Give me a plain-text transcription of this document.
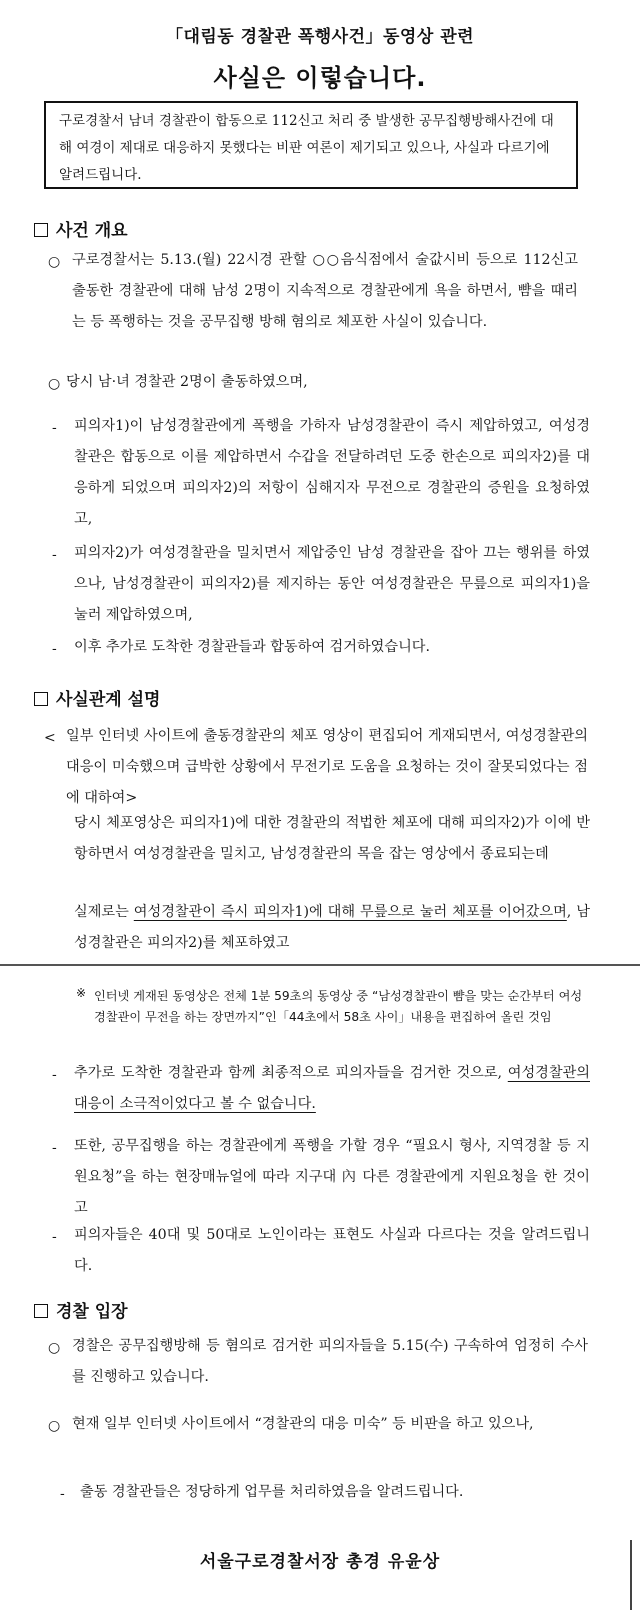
「대림동 경찰관 폭행사건」동영상 관련
사실은 이렇습니다.
구로경찰서 남녀 경찰관이 합동으로 112신고 처리 중 발생한 공무집행방해사건에 대해 여경이 제대로 대응하지 못했다는 비판 여론이 제기되고 있으나, 사실과 다르기에 알려드립니다.
사건 개요
○ 구로경찰서는 5.13.(월) 22시경 관할 ○○음식점에서 술값시비 등으로 112신고 출동한 경찰관에 대해 남성 2명이 지속적으로 경찰관에게 욕을 하면서, 뺨을 때리는 등 폭행하는 것을 공무집행 방해 혐의로 체포한 사실이 있습니다.
○ 당시 남·녀 경찰관 2명이 출동하였으며,
- 피의자1)이 남성경찰관에게 폭행을 가하자 남성경찰관이 즉시 제압하였고, 여성경찰관은 합동으로 이를 제압하면서 수갑을 전달하려던 도중 한손으로 피의자2)를 대응하게 되었으며 피의자2)의 저항이 심해지자 무전으로 경찰관의 증원을 요청하였고,
- 피의자2)가 여성경찰관을 밀치면서 제압중인 남성 경찰관을 잡아 끄는 행위를 하였으나, 남성경찰관이 피의자2)를 제지하는 동안 여성경찰관은 무릎으로 피의자1)을 눌러 제압하였으며,
- 이후 추가로 도착한 경찰관들과 합동하여 검거하였습니다.
사실관계 설명
< 일부 인터넷 사이트에 출동경찰관의 체포 영상이 편집되어 게재되면서, 여성경찰관의 대응이 미숙했으며 급박한 상황에서 무전기로 도움을 요청하는 것이 잘못되었다는 점에 대하여>
당시 체포영상은 피의자1)에 대한 경찰관의 적법한 체포에 대해 피의자2)가 이에 반항하면서 여성경찰관을 밀치고, 남성경찰관의 목을 잡는 영상에서 종료되는데
실제로는 여성경찰관이 즉시 피의자1)에 대해 무릎으로 눌러 체포를 이어갔으며, 남성경찰관은 피의자2)를 체포하였고
※ 인터넷 게재된 동영상은 전체 1분 59초의 동영상 중 “남성경찰관이 뺨을 맞는 순간부터 여성경찰관이 무전을 하는 장면까지”인「44초에서 58초 사이」내용을 편집하여 올린 것임
- 추가로 도착한 경찰관과 함께 최종적으로 피의자들을 검거한 것으로, 여성경찰관의 대응이 소극적이었다고 볼 수 없습니다.
- 또한, 공무집행을 하는 경찰관에게 폭행을 가할 경우 “필요시 형사, 지역경찰 등 지원요청”을 하는 현장매뉴얼에 따라 지구대 內 다른 경찰관에게 지원요청을 한 것이고
- 피의자들은 40대 및 50대로 노인이라는 표현도 사실과 다르다는 것을 알려드립니다.
경찰 입장
○ 경찰은 공무집행방해 등 혐의로 검거한 피의자들을 5.15(수) 구속하여 엄정히 수사를 진행하고 있습니다.
○ 현재 일부 인터넷 사이트에서 “경찰관의 대응 미숙” 등 비판을 하고 있으나,
- 출동 경찰관들은 정당하게 업무를 처리하였음을 알려드립니다.
서울구로경찰서장 총경 유윤상
